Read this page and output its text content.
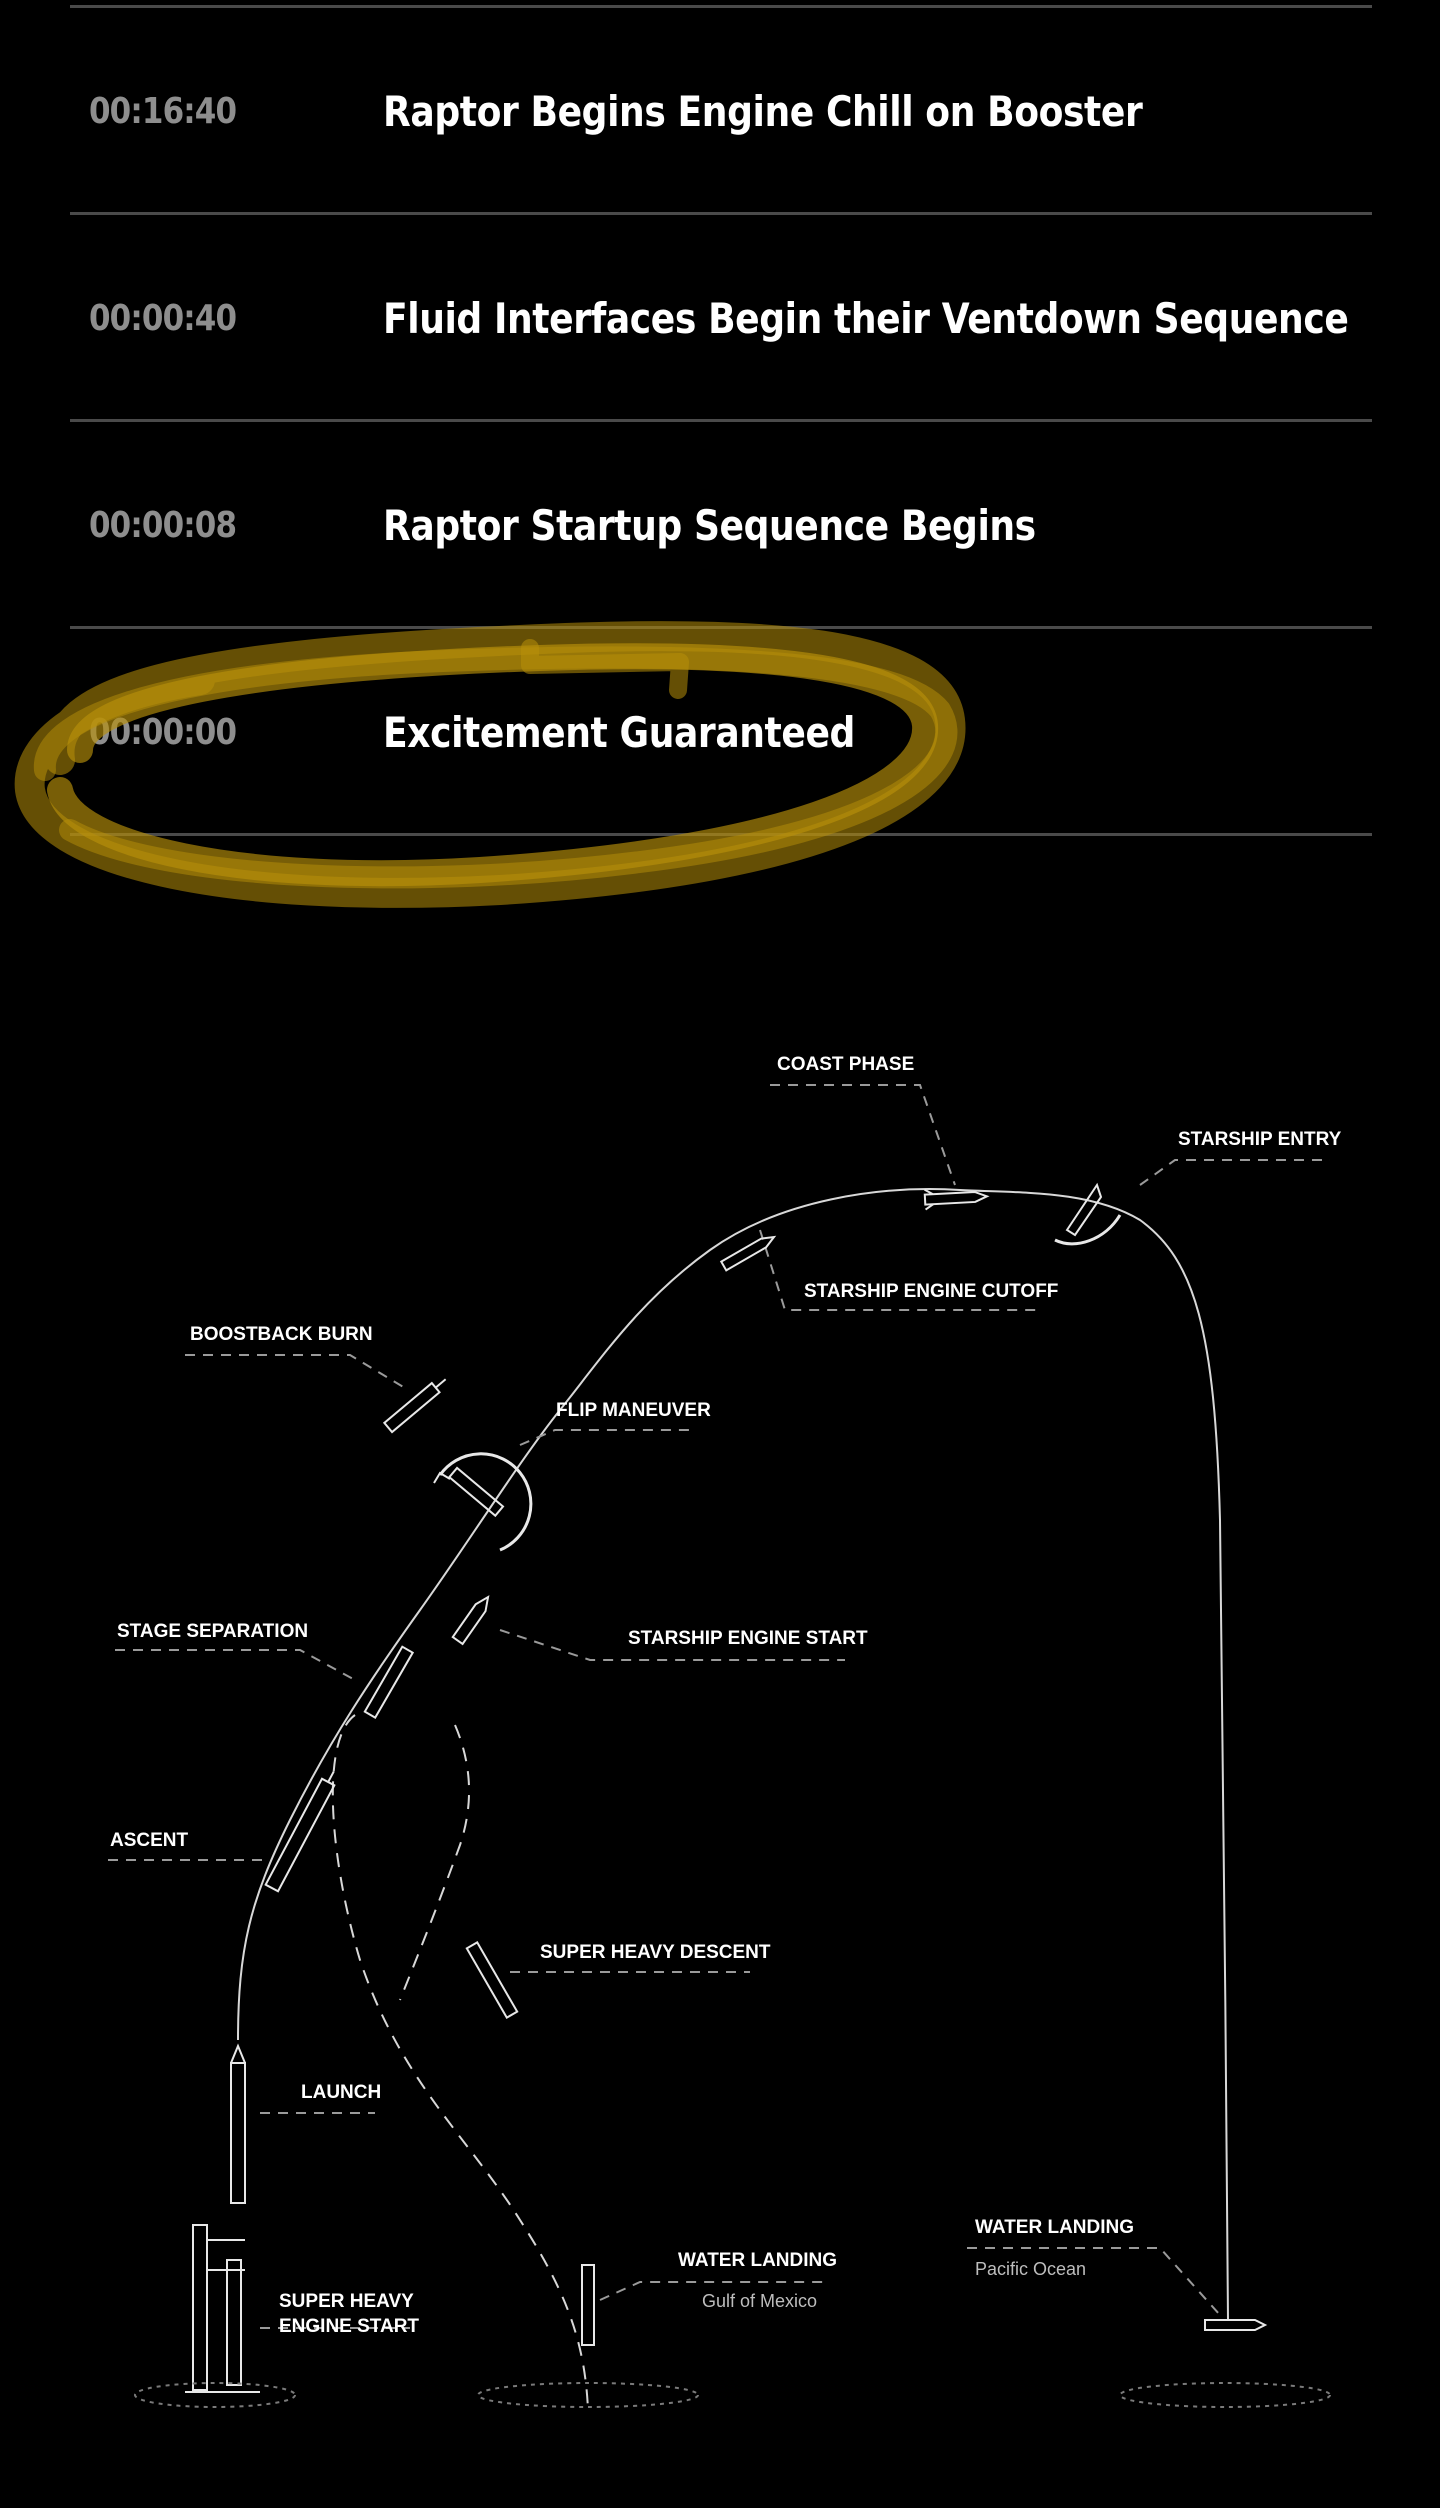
00:16:40	Raptor Begins Engine Chill on Booster
00:00:40	Fluid Interfaces Begin their Ventdown Sequence
00:00:08	Raptor Startup Sequence Begins
00:00:00	Excitement Guaranteed
COAST PHASE
STARSHIP ENTRY
STARSHIP ENGINE CUTOFF
BOOSTBACK BURN
FLIP MANEUVER
STAGE SEPARATION	STARSHIP ENGINE START
ASCENT
SUPER HEAVY DESCENT
LAUNCH
SUPER HEAVY
ENGINE START
WATER LANDING
Gulf of Mexico
WATER LANDING
Pacific Ocean
